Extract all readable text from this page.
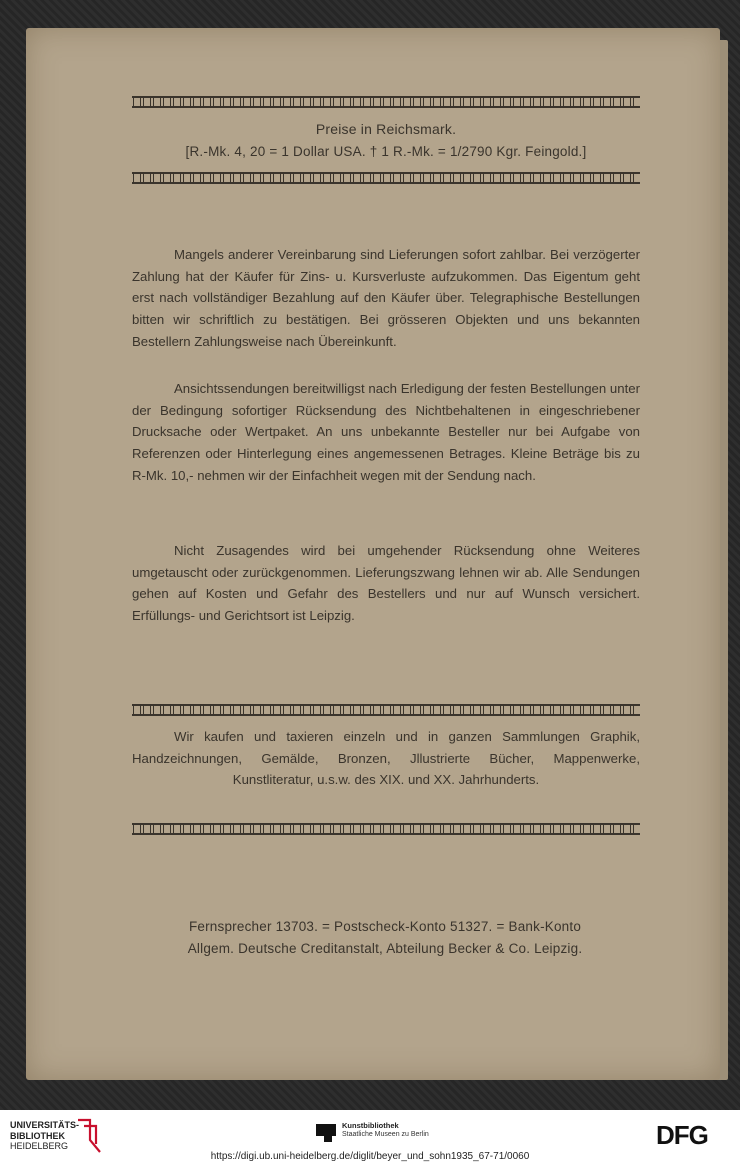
Preise in Reichsmark.
[R.-Mk. 4, 20 = 1 Dollar USA. † 1 R.-Mk. = 1/2790 Kgr. Feingold.]

Mangels anderer Vereinbarung sind Lieferungen sofort zahlbar. Bei verzögerter Zahlung hat der Käufer für Zins- u. Kursverluste aufzukommen. Das Eigentum geht erst nach vollständiger Bezahlung auf den Käufer über. Telegraphische Bestellungen bitten wir schriftlich zu bestätigen. Bei grösseren Objekten und uns bekannten Bestellern Zahlungsweise nach Übereinkunft.

Ansichtssendungen bereitwilligst nach Erledigung der festen Bestellungen unter der Bedingung sofortiger Rücksendung des Nichtbehaltenen in eingeschriebener Drucksache oder Wertpaket. An uns unbekannte Besteller nur bei Aufgabe von Referenzen oder Hinterlegung eines angemessenen Betrages. Kleine Beträge bis zu R-Mk. 10,- nehmen wir der Einfachheit wegen mit der Sendung nach.

Nicht Zusagendes wird bei umgehender Rücksendung ohne Weiteres umgetauscht oder zurückgenommen. Lieferungszwang lehnen wir ab. Alle Sendungen gehen auf Kosten und Gefahr des Bestellers und nur auf Wunsch versichert. Erfüllungs- und Gerichtsort ist Leipzig.

Wir kaufen und taxieren einzeln und in ganzen Sammlungen Graphik, Handzeichnungen, Gemälde, Bronzen, Jllustrierte Bücher, Mappenwerke, Kunstliteratur, u.s.w. des XIX. und XX. Jahrhunderts.

Fernsprecher 13703. = Postscheck-Konto 51327. = Bank-Konto
Allgem. Deutsche Creditanstalt, Abteilung Becker & Co. Leipzig.
UNIVERSITÄTS-
BIBLIOTHEK
HEIDELBERG
Kunstbibliothek
Staatliche Museen zu Berlin	DFG
https://digi.ub.uni-heidelberg.de/diglit/beyer_und_sohn1935_67-71/0060
